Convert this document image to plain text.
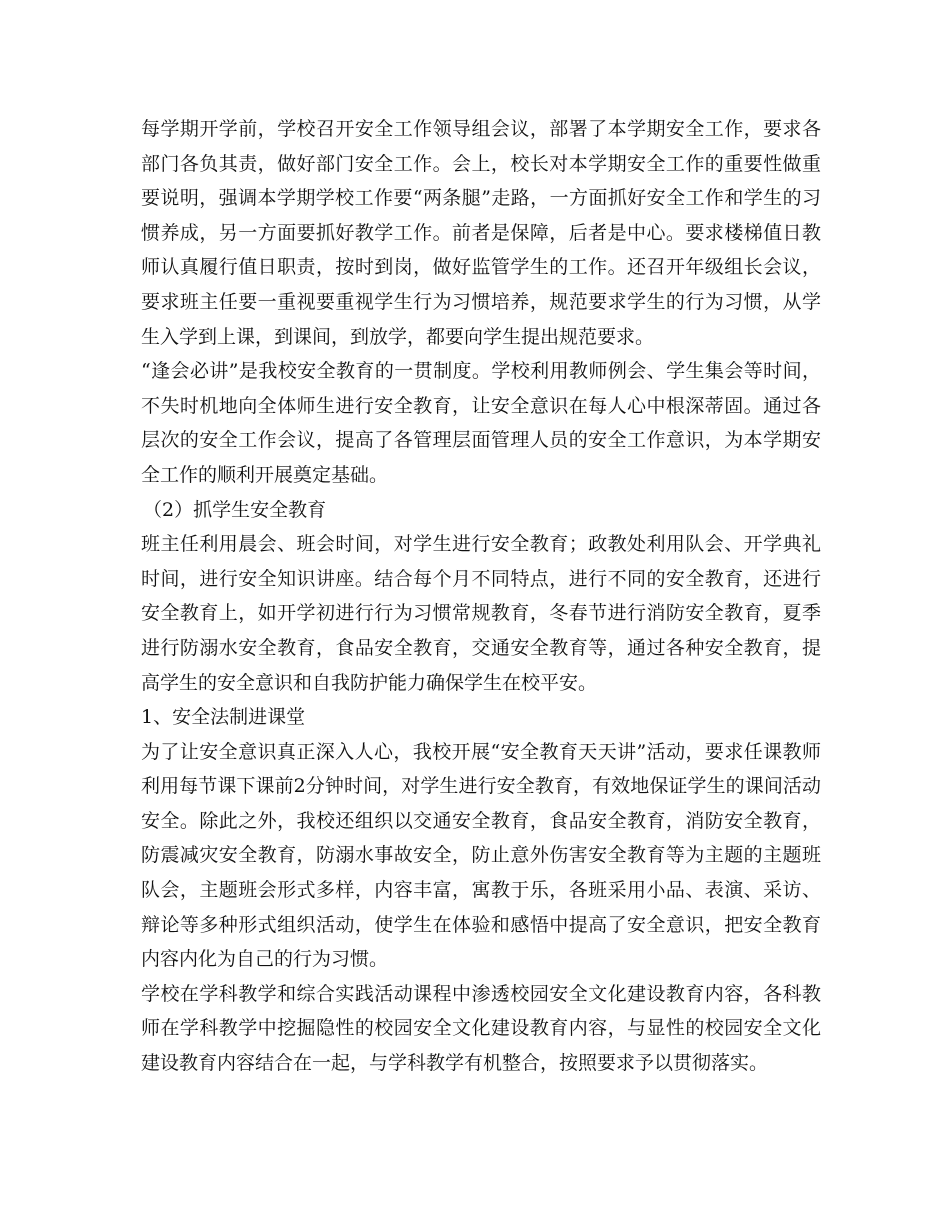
每学期开学前，学校召开安全工作领导组会议，部署了本学期安全工作，要求各部门各负其责，做好部门安全工作。会上，校长对本学期安全工作的重要性做重要说明，强调本学期学校工作要“两条腿”走路，一方面抓好安全工作和学生的习惯养成，另一方面要抓好教学工作。前者是保障，后者是中心。要求楼梯值日教师认真履行值日职责，按时到岗，做好监管学生的工作。还召开年级组长会议，要求班主任要一重视要重视学生行为习惯培养，规范要求学生的行为习惯，从学生入学到上课，到课间，到放学，都要向学生提出规范要求。

“逢会必讲”是我校安全教育的一贯制度。学校利用教师例会、学生集会等时间，不失时机地向全体师生进行安全教育，让安全意识在每人心中根深蒂固。通过各层次的安全工作会议，提高了各管理层面管理人员的安全工作意识，为本学期安全工作的顺利开展奠定基础。

（2）抓学生安全教育

班主任利用晨会、班会时间，对学生进行安全教育；政教处利用队会、开学典礼时间，进行安全知识讲座。结合每个月不同特点，进行不同的安全教育，还进行安全教育上，如开学初进行行为习惯常规教育，冬春节进行消防安全教育，夏季进行防溺水安全教育，食品安全教育，交通安全教育等，通过各种安全教育，提高学生的安全意识和自我防护能力确保学生在校平安。

1、安全法制进课堂

为了让安全意识真正深入人心，我校开展“安全教育天天讲”活动，要求任课教师利用每节课下课前2分钟时间，对学生进行安全教育，有效地保证学生的课间活动安全。除此之外，我校还组织以交通安全教育，食品安全教育，消防安全教育，防震减灾安全教育，防溺水事故安全，防止意外伤害安全教育等为主题的主题班队会，主题班会形式多样，内容丰富，寓教于乐，各班采用小品、表演、采访、辩论等多种形式组织活动，使学生在体验和感悟中提高了安全意识，把安全教育内容内化为自己的行为习惯。

学校在学科教学和综合实践活动课程中渗透校园安全文化建设教育内容，各科教师在学科教学中挖掘隐性的校园安全文化建设教育内容，与显性的校园安全文化建设教育内容结合在一起，与学科教学有机整合，按照要求予以贯彻落实。
